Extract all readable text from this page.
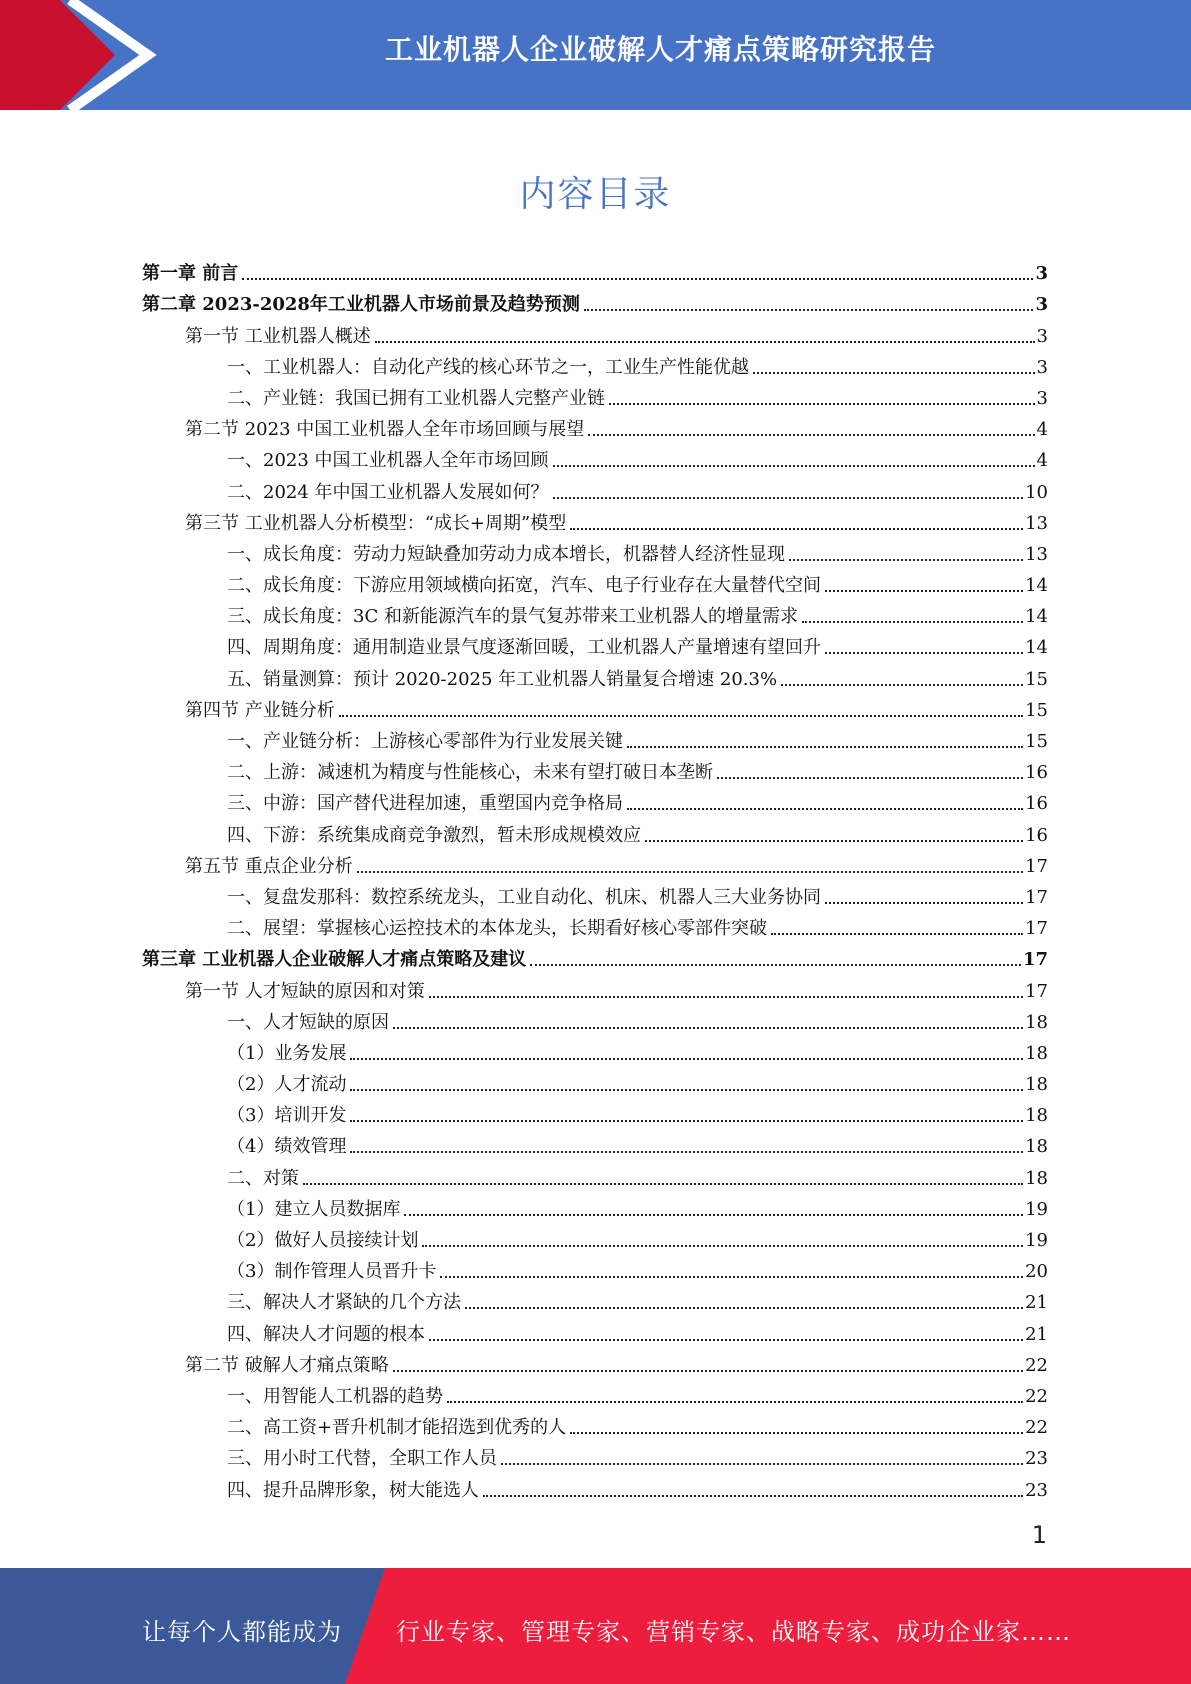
工业机器人企业破解人才痛点策略研究报告
内容目录
第一章 前言	3
第二章 2023-2028年工业机器人市场前景及趋势预测	3
第一节 工业机器人概述	3
一、工业机器人：自动化产线的核心环节之一，工业生产性能优越	3
二、产业链：我国已拥有工业机器人完整产业链	3
第二节 2023 中国工业机器人全年市场回顾与展望	4
一、2023 中国工业机器人全年市场回顾	4
二、2024 年中国工业机器人发展如何？	10
第三节 工业机器人分析模型：“成长+周期”模型	13
一、成长角度：劳动力短缺叠加劳动力成本增长，机器替人经济性显现	13
二、成长角度：下游应用领域横向拓宽，汽车、电子行业存在大量替代空间	14
三、成长角度：3C 和新能源汽车的景气复苏带来工业机器人的增量需求	14
四、周期角度：通用制造业景气度逐渐回暖，工业机器人产量增速有望回升	14
五、销量测算：预计 2020-2025 年工业机器人销量复合增速 20.3%	15
第四节 产业链分析	15
一、产业链分析：上游核心零部件为行业发展关键	15
二、上游：减速机为精度与性能核心，未来有望打破日本垄断	16
三、中游：国产替代进程加速，重塑国内竞争格局	16
四、下游：系统集成商竞争激烈，暂未形成规模效应	16
第五节 重点企业分析	17
一、复盘发那科：数控系统龙头，工业自动化、机床、机器人三大业务协同	17
二、展望：掌握核心运控技术的本体龙头，长期看好核心零部件突破	17
第三章 工业机器人企业破解人才痛点策略及建议	17
第一节 人才短缺的原因和对策	17
一、人才短缺的原因	18
（1）业务发展	18
（2）人才流动	18
（3）培训开发	18
（4）绩效管理	18
二、对策	18
（1）建立人员数据库	19
（2）做好人员接续计划	19
（3）制作管理人员晋升卡	20
三、解决人才紧缺的几个方法	21
四、解决人才问题的根本	21
第二节 破解人才痛点策略	22
一、用智能人工机器的趋势	22
二、高工资+晋升机制才能招选到优秀的人	22
三、用小时工代替，全职工作人员	23
四、提升品牌形象，树大能选人	23
1
让每个人都能成为 行业专家、管理专家、营销专家、战略专家、成功企业家……
